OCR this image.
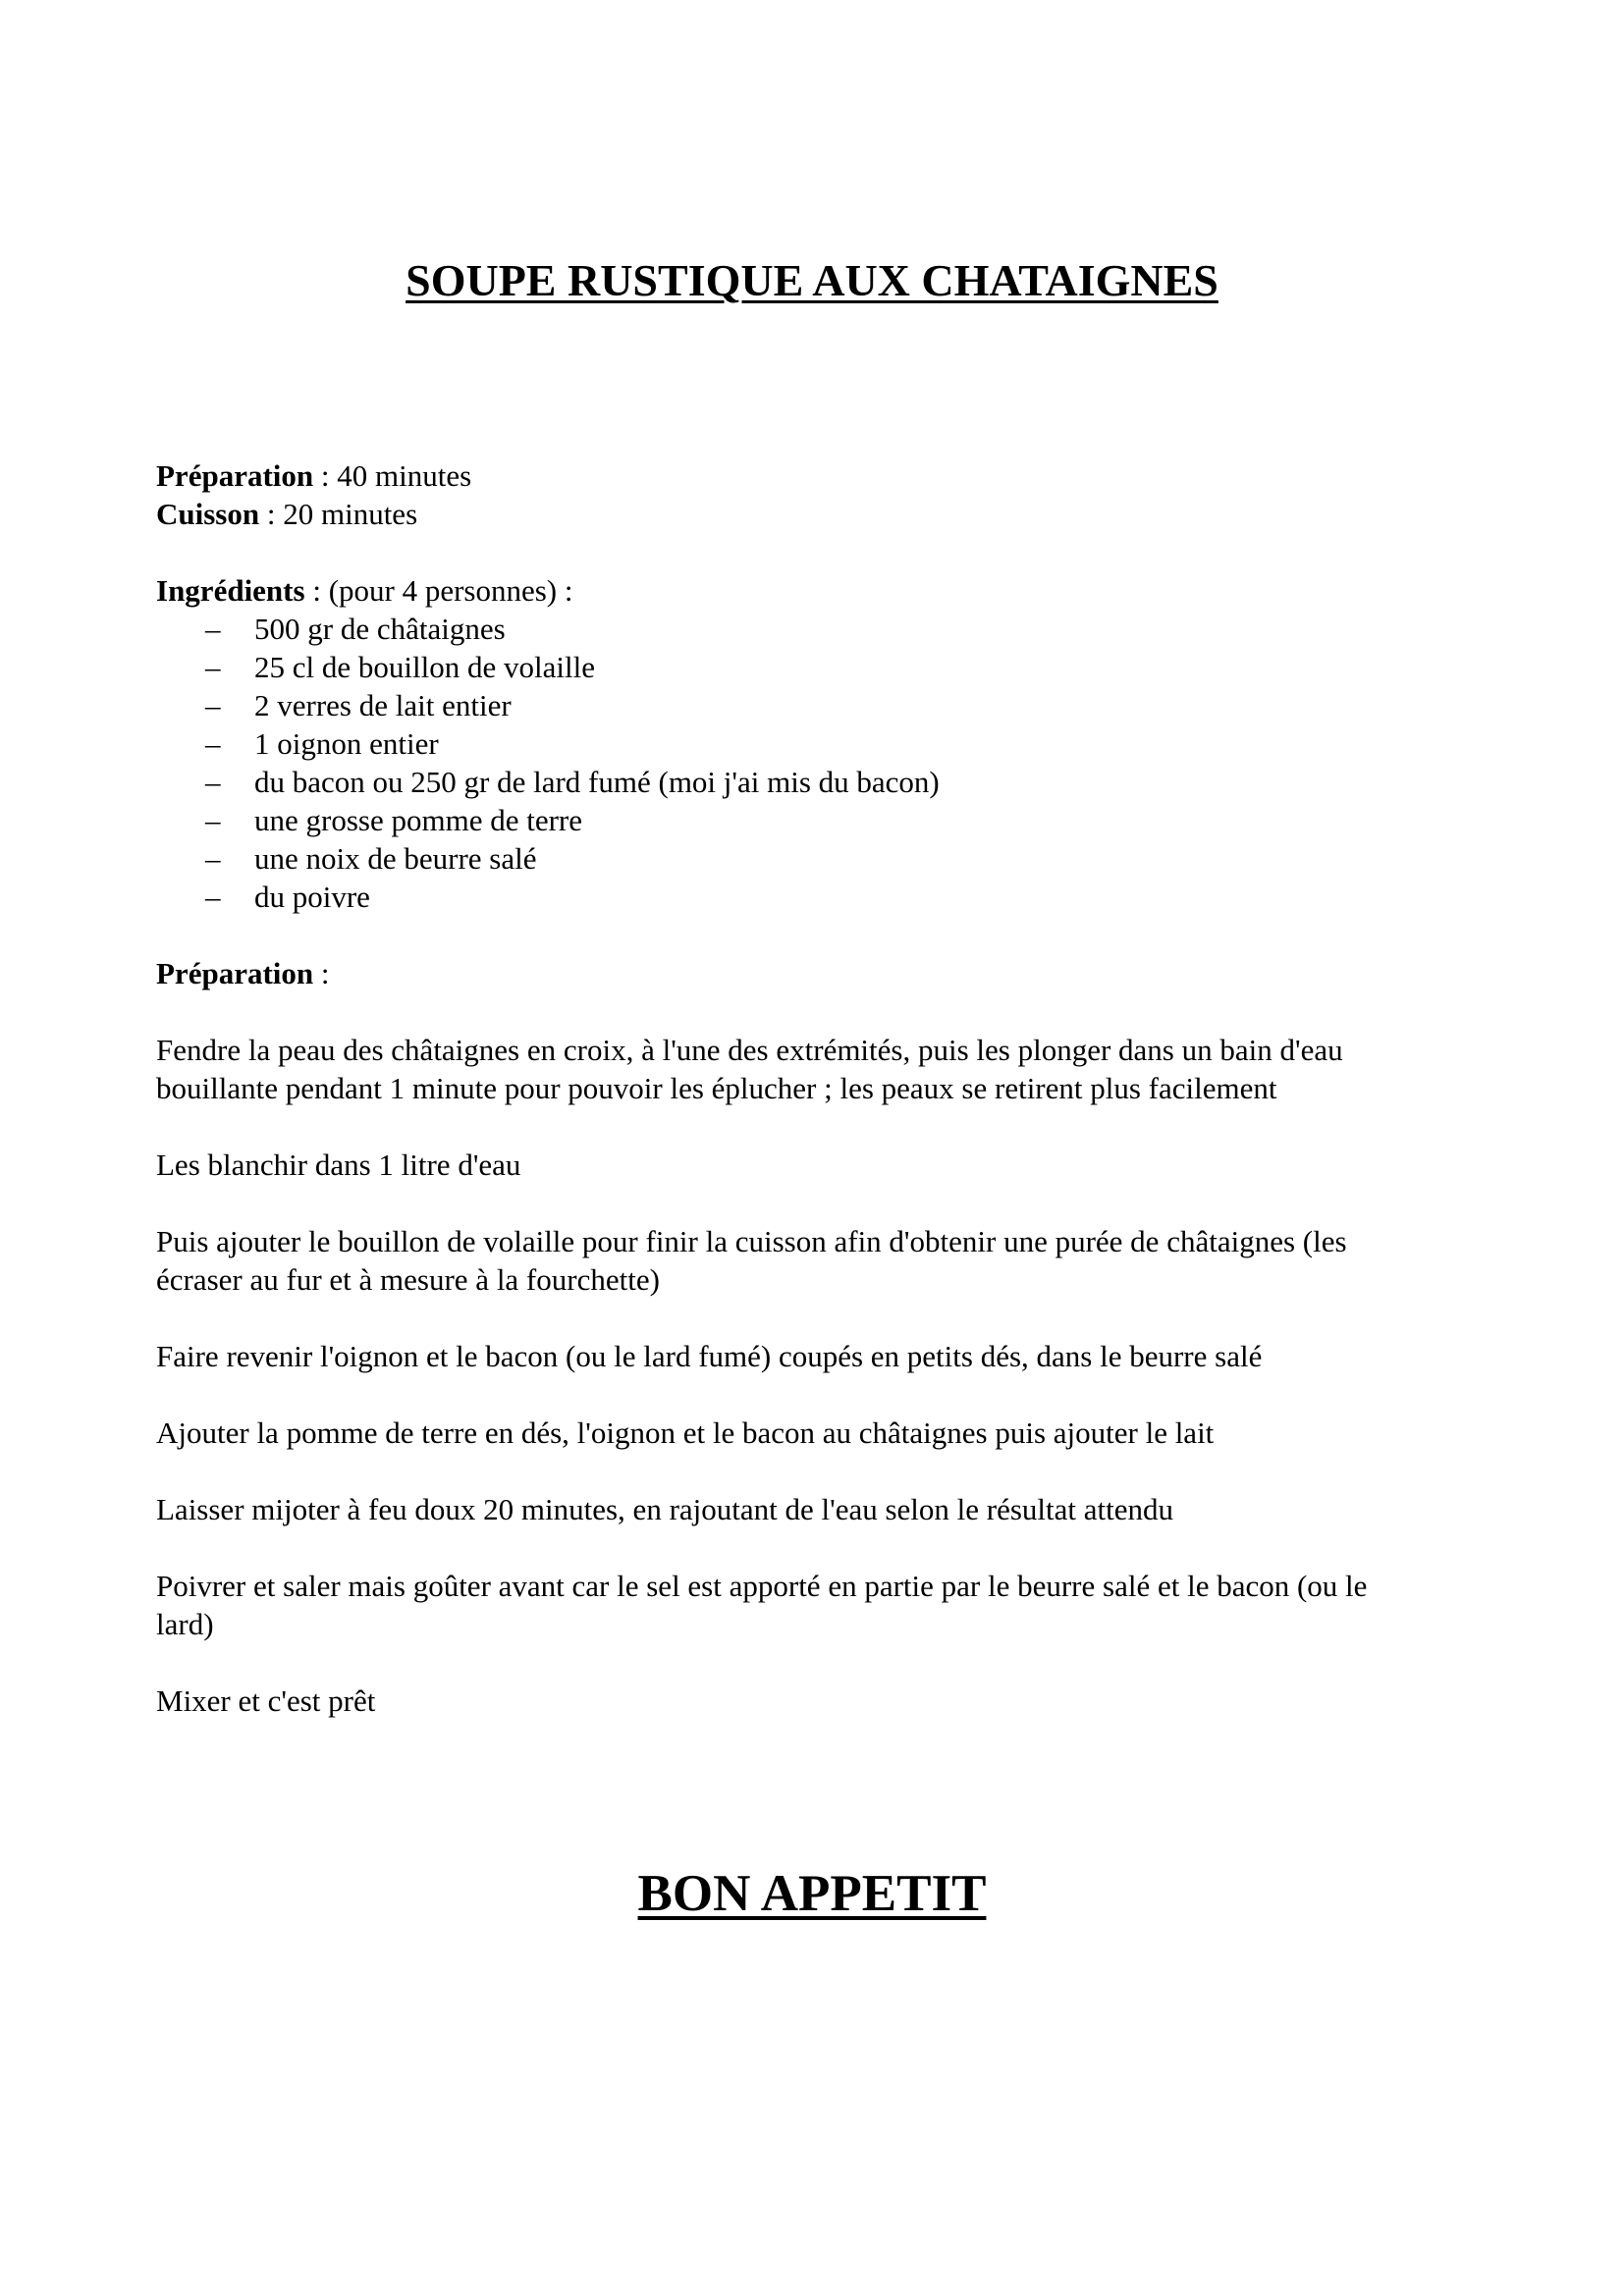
SOUPE RUSTIQUE AUX CHATAIGNES

Préparation : 40 minutes

Cuisson : 20 minutes

Ingrédients : (pour 4 personnes) :

– 500 gr de châtaignes
– 25 cl de bouillon de volaille
– 2 verres de lait entier
– 1 oignon entier
– du bacon ou 250 gr de lard fumé (moi j'ai mis du bacon)
– une grosse pomme de terre
– une noix de beurre salé
– du poivre

Préparation :

Fendre la peau des châtaignes en croix, à l'une des extrémités, puis les plonger dans un bain d'eau

bouillante pendant 1 minute pour pouvoir les éplucher ; les peaux se retirent plus facilement

Les blanchir dans 1 litre d'eau

Puis ajouter le bouillon de volaille pour finir la cuisson afin d'obtenir une purée de châtaignes (les

écraser au fur et à mesure à la fourchette)

Faire revenir l'oignon et le bacon (ou le lard fumé) coupés en petits dés, dans le beurre salé

Ajouter la pomme de terre en dés, l'oignon et le bacon au châtaignes puis ajouter le lait

Laisser mijoter à feu doux 20 minutes, en rajoutant de l'eau selon le résultat attendu

Poivrer et saler mais goûter avant car le sel est apporté en partie par le beurre salé et le bacon (ou le

lard)

Mixer et c'est prêt

BON APPETIT
